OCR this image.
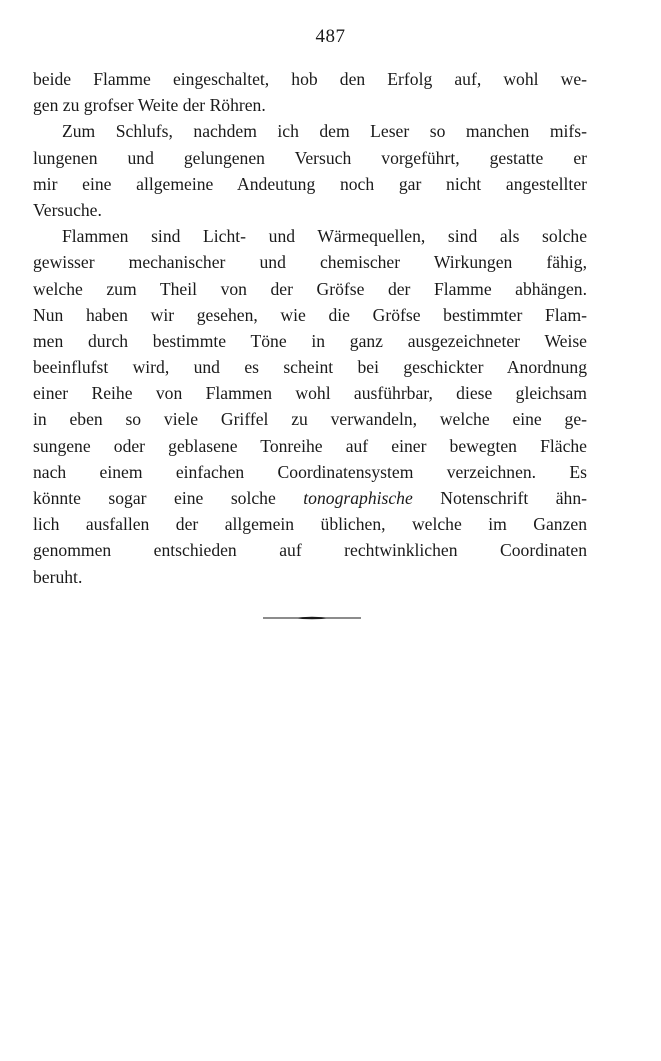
487
beide Flamme eingeschaltet, hob den Erfolg auf, wohl we-
gen zu grofser Weite der Röhren.
Zum Schlufs, nachdem ich dem Leser so manchen mifs-
lungenen und gelungenen Versuch vorgeführt, gestatte er
mir eine allgemeine Andeutung noch gar nicht angestellter
Versuche.
Flammen sind Licht- und Wärmequellen, sind als solche
gewisser mechanischer und chemischer Wirkungen fähig,
welche zum Theil von der Gröfse der Flamme abhängen.
Nun haben wir gesehen, wie die Gröfse bestimmter Flam-
men durch bestimmte Töne in ganz ausgezeichneter Weise
beeinflufst wird, und es scheint bei geschickter Anordnung
einer Reihe von Flammen wohl ausführbar, diese gleichsam
in eben so viele Griffel zu verwandeln, welche eine ge-
sungene oder geblasene Tonreihe auf einer bewegten Fläche
nach einem einfachen Coordinatensystem verzeichnen. Es
könnte sogar eine solche tonographische Notenschrift ähn-
lich ausfallen der allgemein üblichen, welche im Ganzen
genommen entschieden auf rechtwinklichen Coordinaten
beruht.
